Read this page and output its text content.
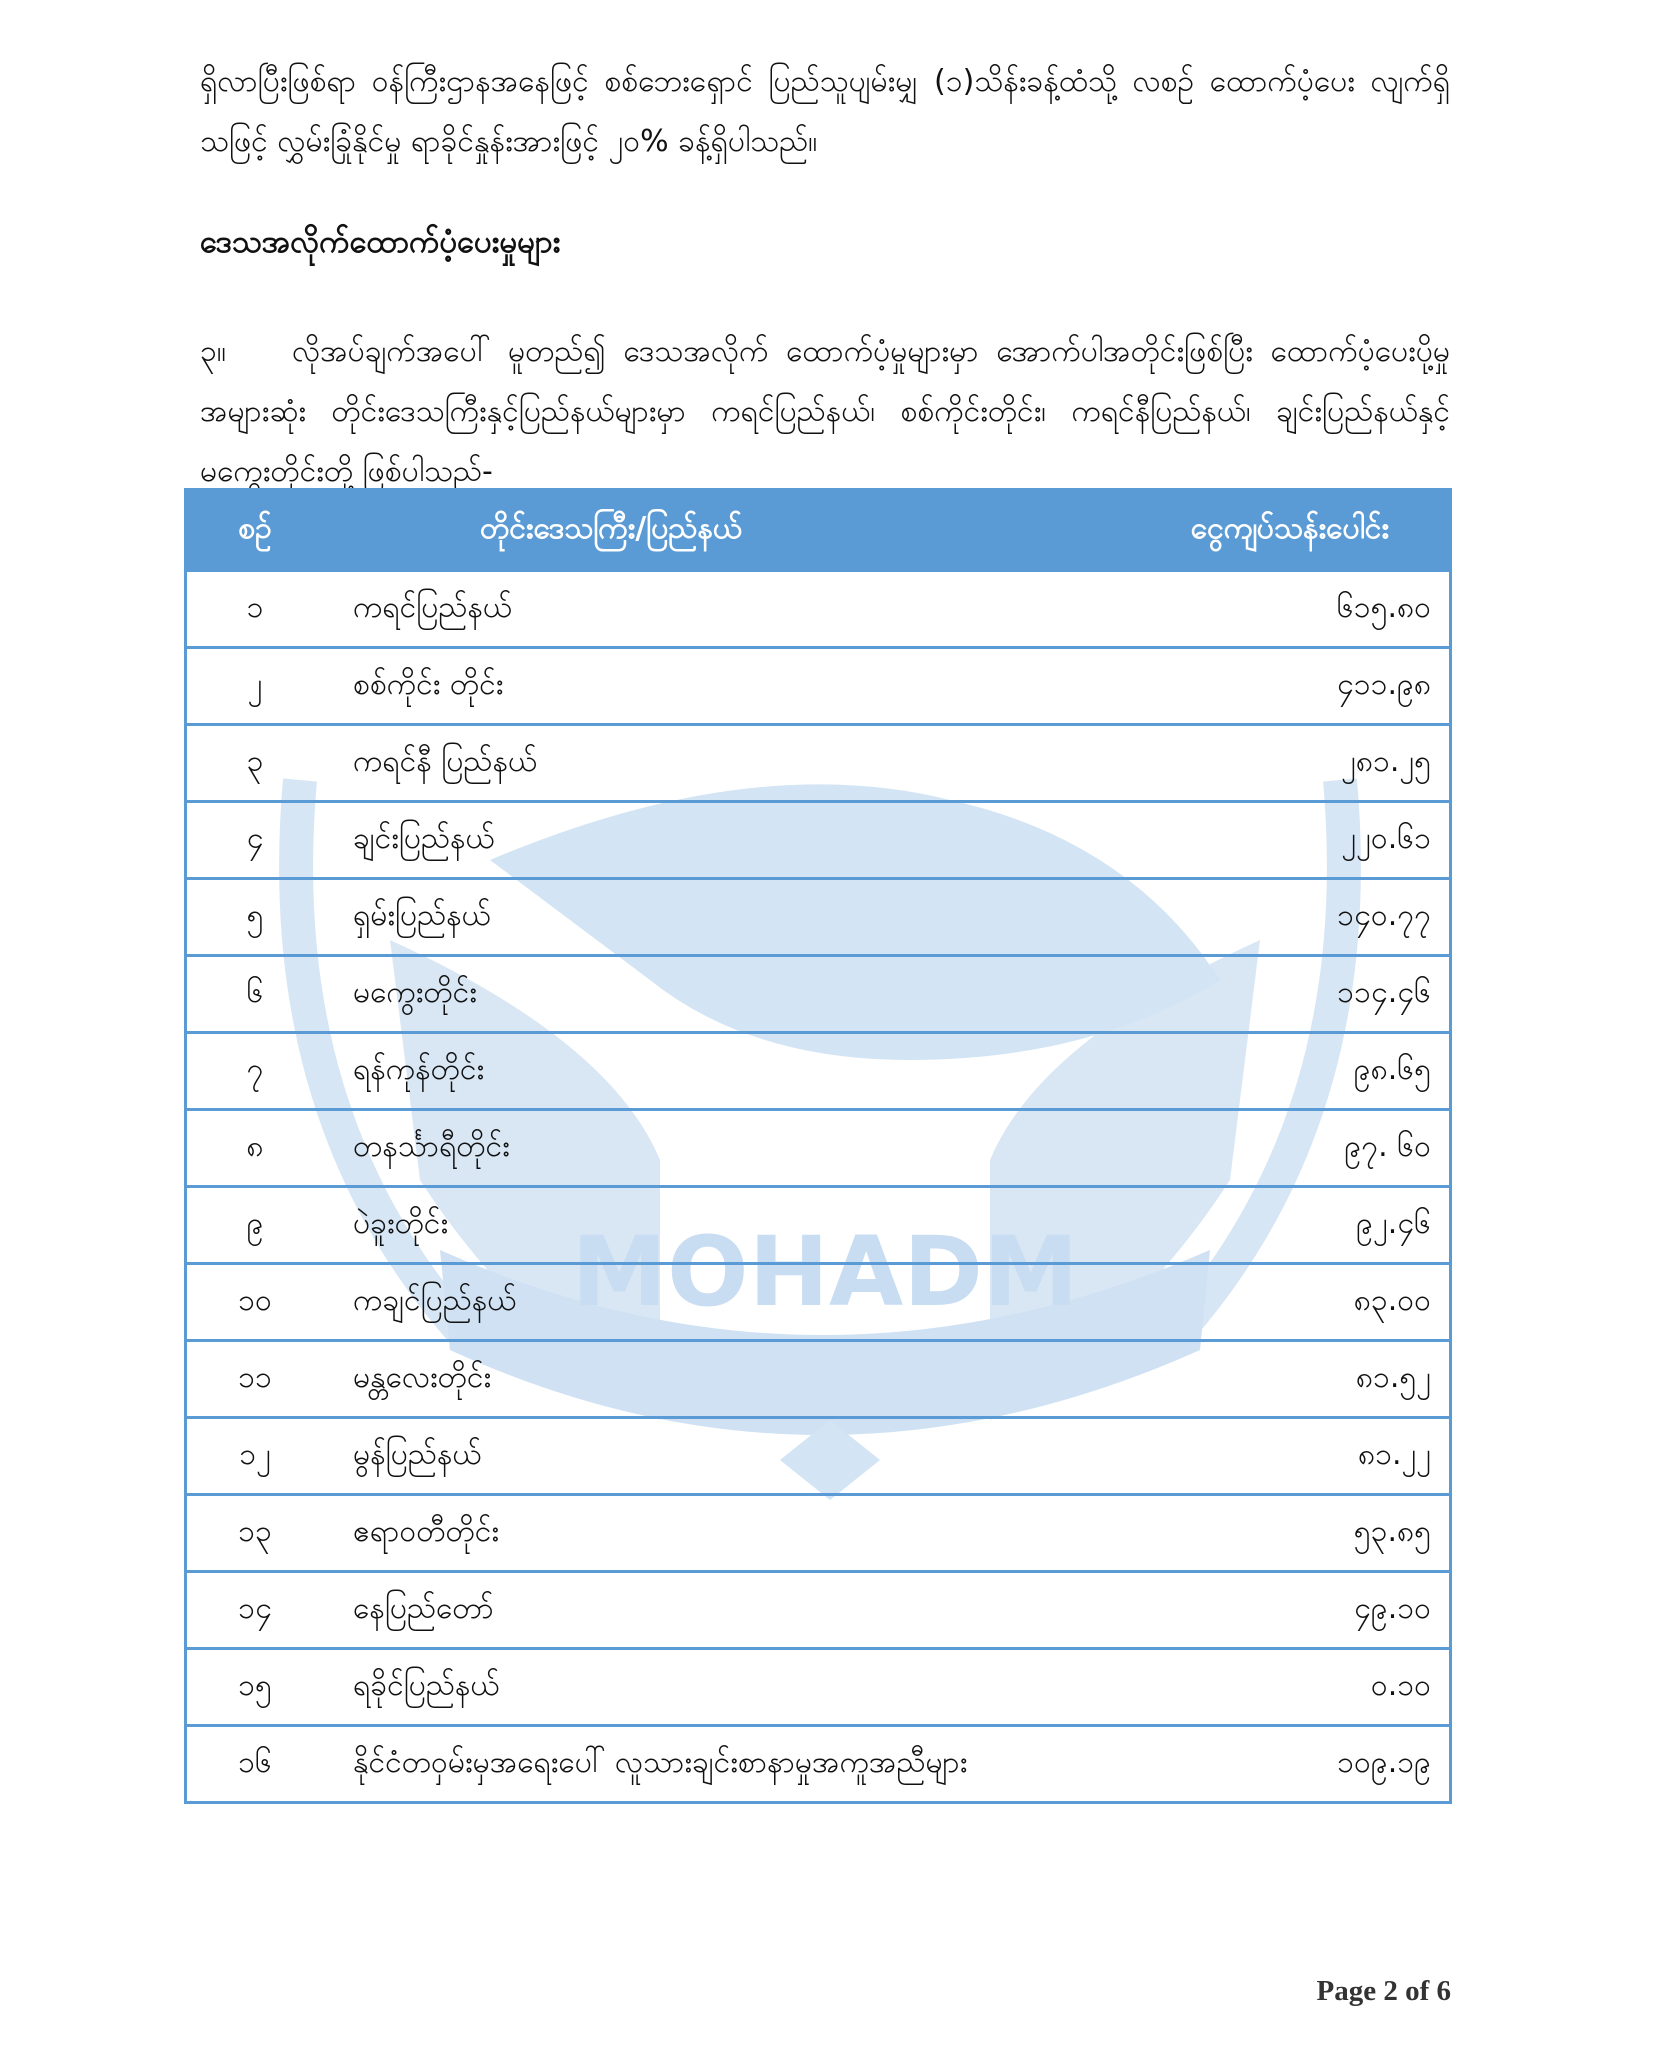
MOHADM

ရှိလာပြီးဖြစ်ရာ ဝန်ကြီးဌာနအနေဖြင့် စစ်ဘေးရှောင် ပြည်သူပျမ်းမျှ (၁)သိန်းခန့်ထံသို့ လစဉ် ထောက်ပံ့ပေး လျက်ရှိသဖြင့် လွှမ်းခြုံနိုင်မှု ရာခိုင်နှုန်းအားဖြင့် ၂၀% ခန့်ရှိပါသည်။

ဒေသအလိုက်ထောက်ပံ့ပေးမှုများ

၃။ လိုအပ်ချက်အပေါ် မူတည်၍ ဒေသအလိုက် ထောက်ပံ့မှုများမှာ အောက်ပါအတိုင်းဖြစ်ပြီး ထောက်ပံ့ပေးပို့မှုအများဆုံး တိုင်းဒေသကြီးနှင့်ပြည်နယ်များမှာ ကရင်ပြည်နယ်၊ စစ်ကိုင်းတိုင်း၊ ကရင်နီပြည်နယ်၊ ချင်းပြည်နယ်နှင့် မကွေးတိုင်းတို့ ဖြစ်ပါသည်-

စဉ်	တိုင်းဒေသကြီး/ပြည်နယ်	ငွေကျပ်သန်းပေါင်း
၁	ကရင်ပြည်နယ်	၆၁၅.၈၀
၂	စစ်ကိုင်း တိုင်း	၄၁၁.၉၈
၃	ကရင်နီ ပြည်နယ်	၂၈၁.၂၅
၄	ချင်းပြည်နယ်	၂၂၀.၆၁
၅	ရှမ်းပြည်နယ်	၁၄၀.၇၇
၆	မကွေးတိုင်း	၁၁၄.၄၆
၇	ရန်ကုန်တိုင်း	၉၈.၆၅
၈	တနင်္သာရီတိုင်း	၉၇. ၆၀
၉	ပဲခူးတိုင်း	၉၂.၄၆
၁၀	ကချင်ပြည်နယ်	၈၃.၀၀
၁၁	မန္တလေးတိုင်း	၈၁.၅၂
၁၂	မွန်ပြည်နယ်	၈၁.၂၂
၁၃	ဧရာဝတီတိုင်း	၅၃.၈၅
၁၄	နေပြည်တော်	၄၉.၁၀
၁၅	ရခိုင်ပြည်နယ်	၀.၁၀
၁၆	နိုင်ငံတဝှမ်းမှအရေးပေါ် လူသားချင်းစာနာမှုအကူအညီများ	၁၀၉.၁၉
Page 2 of 6
